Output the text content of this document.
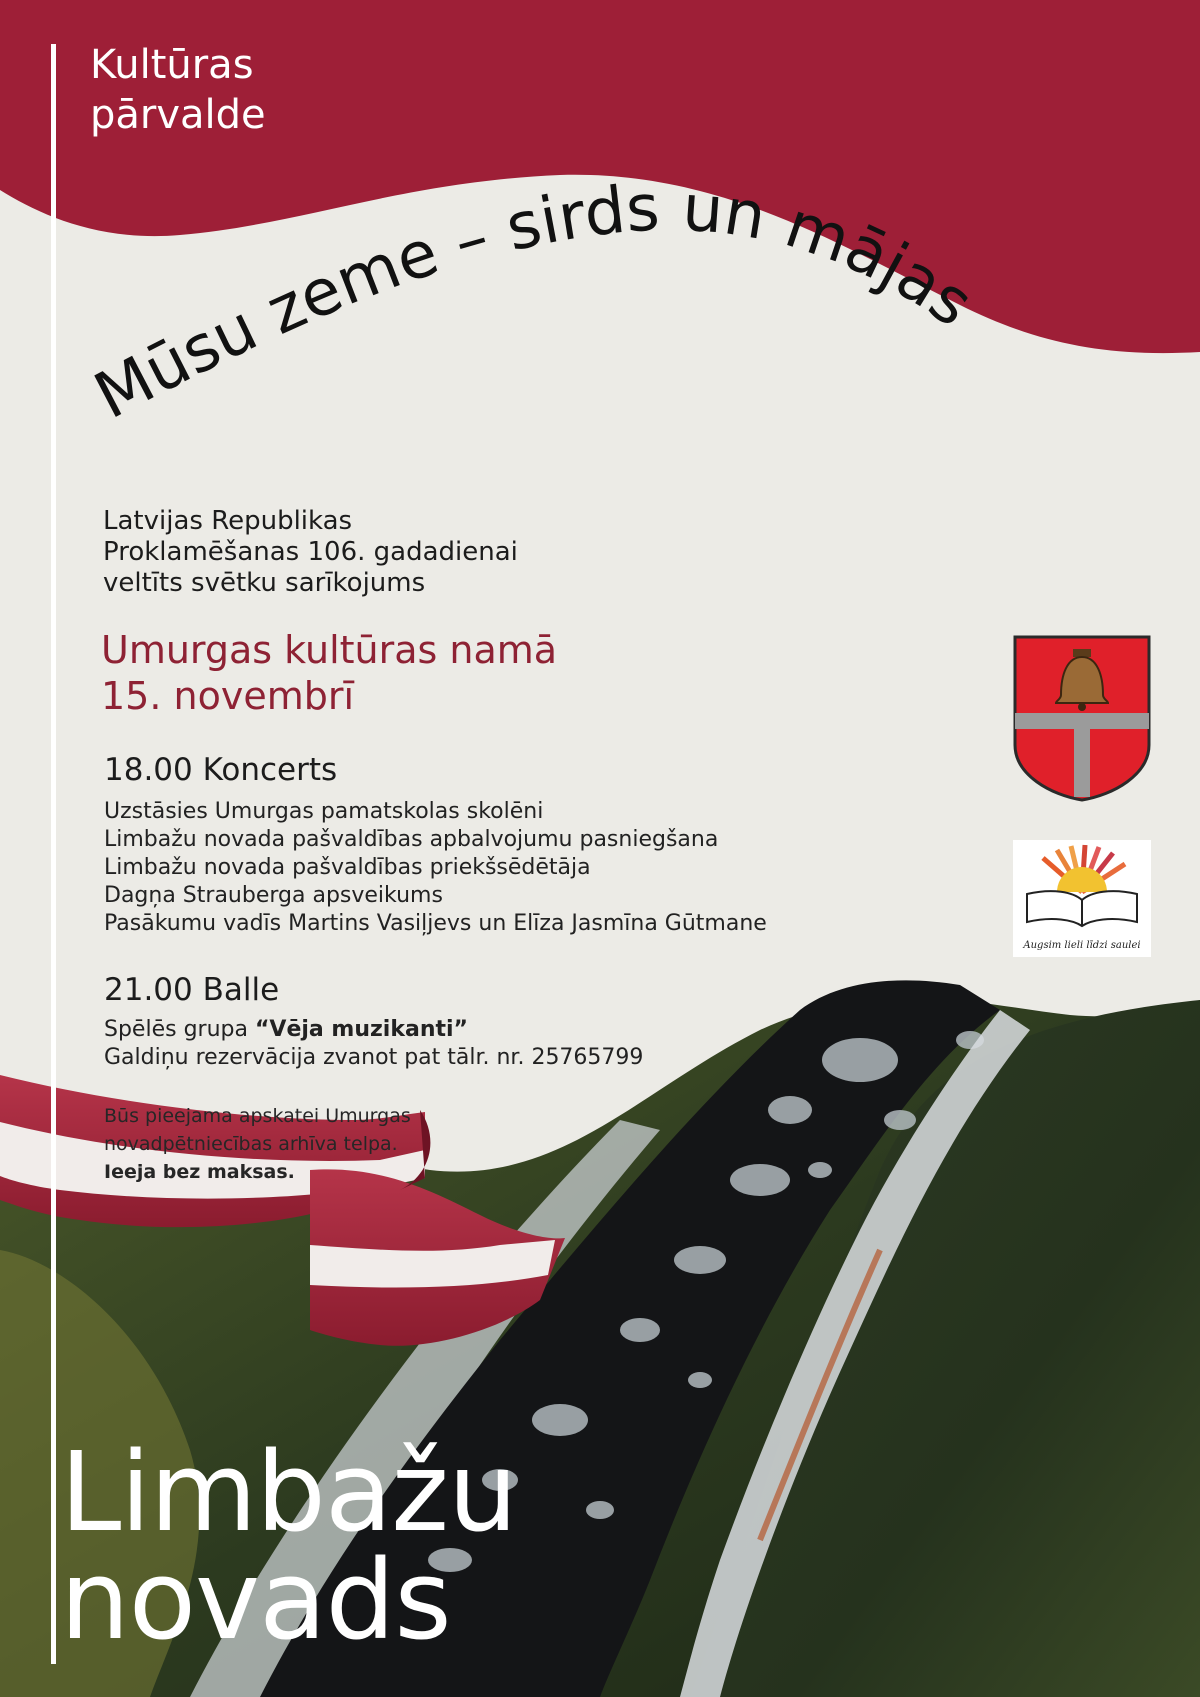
Kultūras
pārvalde
Mūsu zeme – sirds un mājas
Latvijas Republikas
Proklamēšanas 106. gadadienai
veltīts svētku sarīkojums
Umurgas kultūras namā
15. novembrī
18.00 Koncerts
Uzstāsies Umurgas pamatskolas skolēni
Limbažu novada pašvaldības apbalvojumu pasniegšana
Limbažu novada pašvaldības priekšsēdētāja
Dagņa Strauberga apsveikums
Pasākumu vadīs Martins Vasiļjevs un Elīza Jasmīna Gūtmane
21.00 Balle
Spēlēs grupa “Vēja muzikanti”
Galdiņu rezervācija zvanot pat tālr. nr. 25765799
Būs pieejama apskatei Umurgas
novadpētniecības arhīva telpa.
Ieeja bez maksas.
Augsim lieli līdzi saulei
Limbažu
novads
